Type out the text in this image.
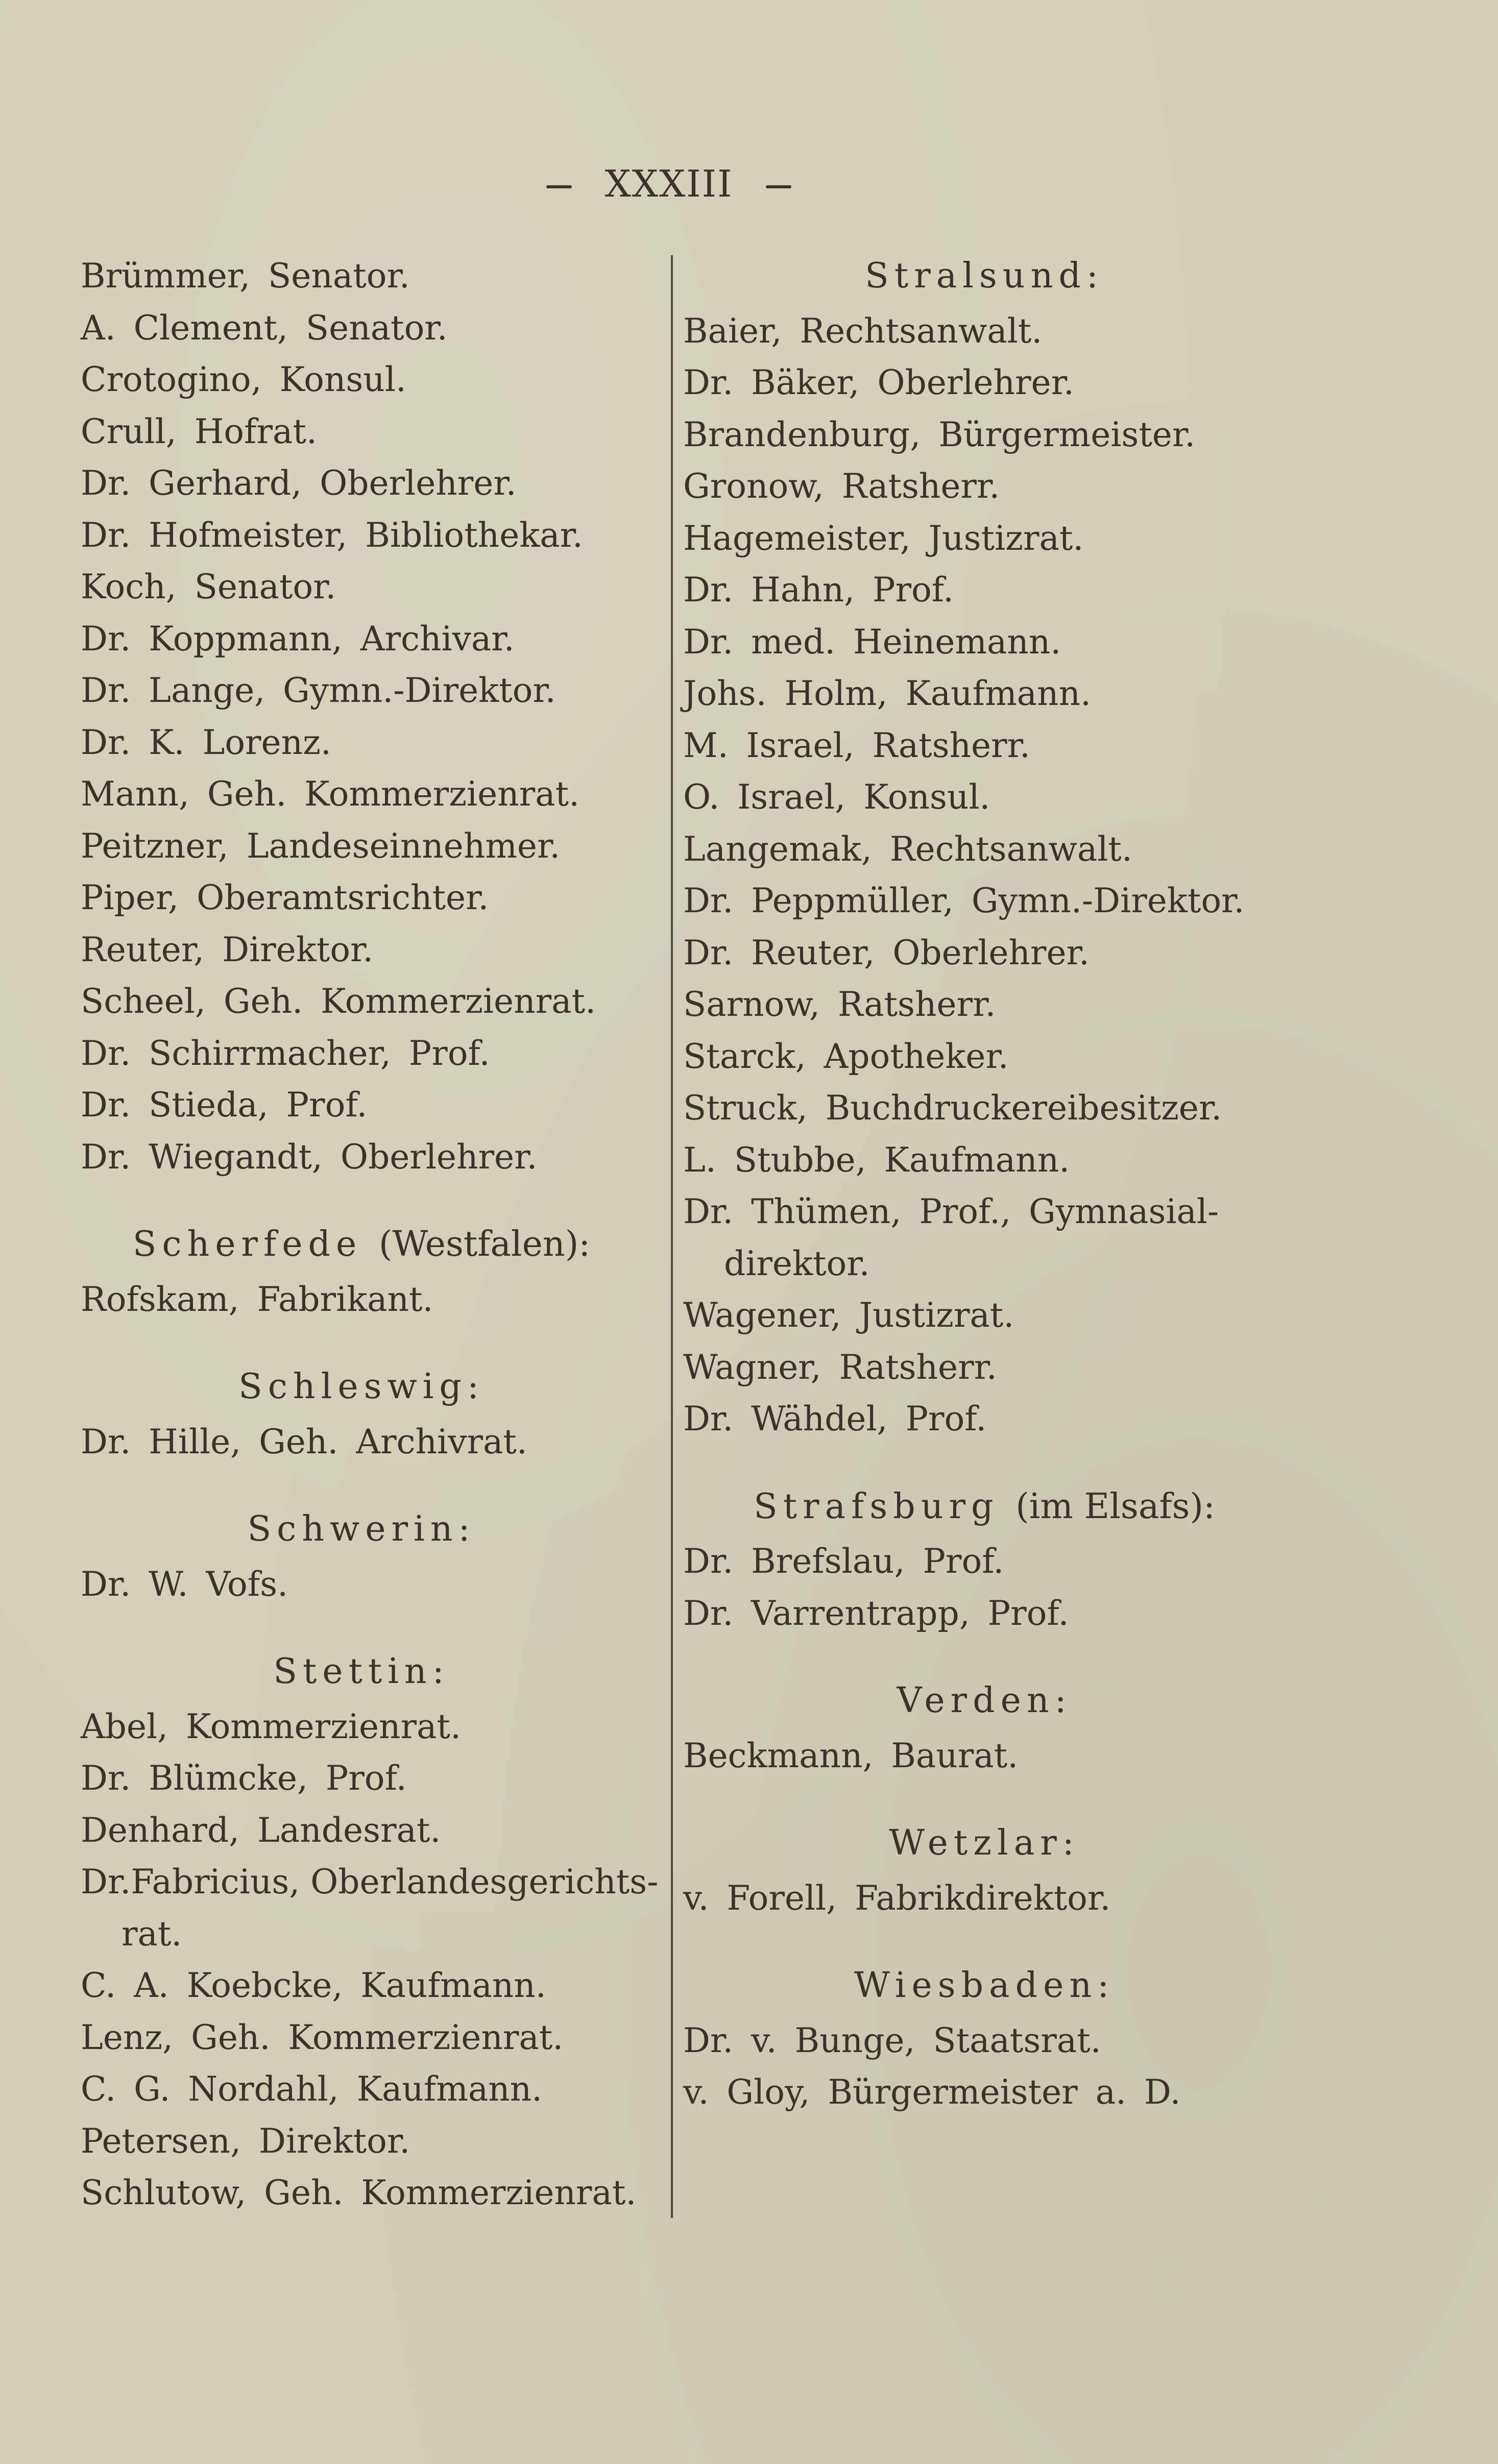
XXXIII
Brümmer, Senator.
A. Clement, Senator.
Crotogino, Konsul.
Crull, Hofrat.
Dr. Gerhard, Oberlehrer.
Dr. Hofmeister, Bibliothekar.
Koch, Senator.
Dr. Koppmann, Archivar.
Dr. Lange, Gymn.-Direktor.
Dr. K. Lorenz.
Mann, Geh. Kommerzienrat.
Peitzner, Landeseinnehmer.
Piper, Oberamtsrichter.
Reuter, Direktor.
Scheel, Geh. Kommerzienrat.
Dr. Schirrmacher, Prof.
Dr. Stieda, Prof.
Dr. Wiegandt, Oberlehrer.
Scherfede (Westfalen):
Rofskam, Fabrikant.
Schleswig:
Dr. Hille, Geh. Archivrat.
Schwerin:
Dr. W. Vofs.
Stettin:
Abel, Kommerzienrat.
Dr. Blümcke, Prof.
Denhard, Landesrat.
Dr.Fabricius, Oberlandesgerichts-
rat.
C. A. Koebcke, Kaufmann.
Lenz, Geh. Kommerzienrat.
C. G. Nordahl, Kaufmann.
Petersen, Direktor.
Schlutow, Geh. Kommerzienrat.
Stralsund:
Baier, Rechtsanwalt.
Dr. Bäker, Oberlehrer.
Brandenburg, Bürgermeister.
Gronow, Ratsherr.
Hagemeister, Justizrat.
Dr. Hahn, Prof.
Dr. med. Heinemann.
Johs. Holm, Kaufmann.
M. Israel, Ratsherr.
O. Israel, Konsul.
Langemak, Rechtsanwalt.
Dr. Peppmüller, Gymn.-Direktor.
Dr. Reuter, Oberlehrer.
Sarnow, Ratsherr.
Starck, Apotheker.
Struck, Buchdruckereibesitzer.
L. Stubbe, Kaufmann.
Dr. Thümen, Prof., Gymnasial-
direktor.
Wagener, Justizrat.
Wagner, Ratsherr.
Dr. Wähdel, Prof.
Strafsburg (im Elsafs):
Dr. Brefslau, Prof.
Dr. Varrentrapp, Prof.
Verden:
Beckmann, Baurat.
Wetzlar:
v. Forell, Fabrikdirektor.
Wiesbaden:
Dr. v. Bunge, Staatsrat.
v. Gloy, Bürgermeister a. D.
